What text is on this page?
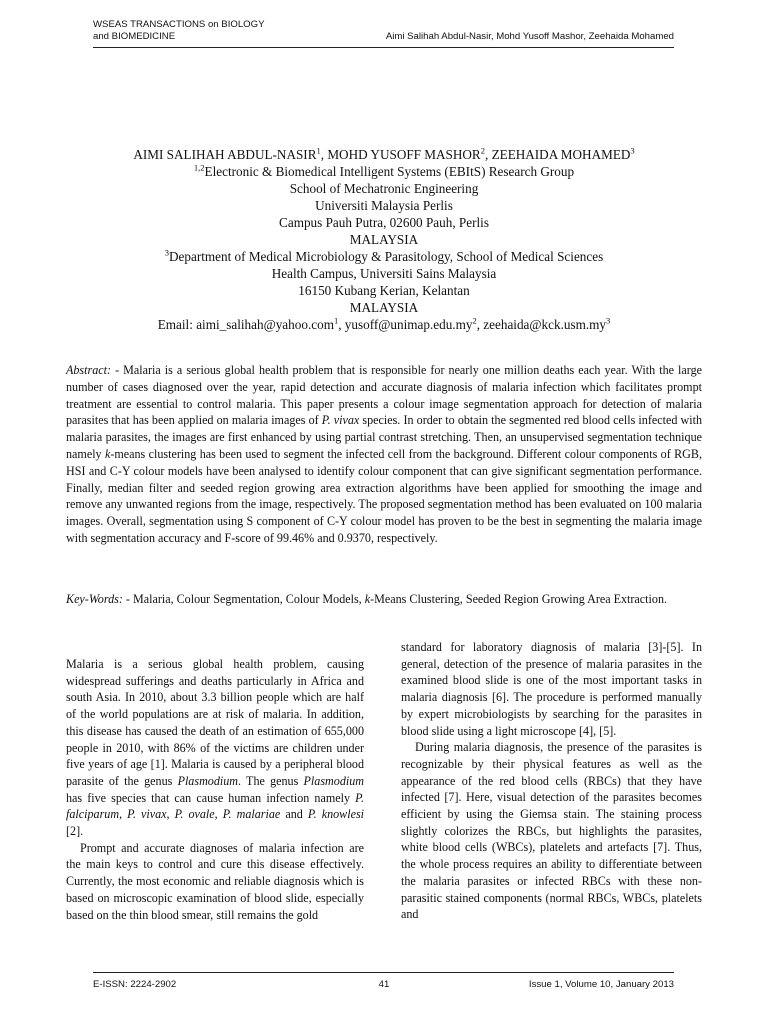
WSEAS TRANSACTIONS on BIOLOGY
and BIOMEDICINE	Aimi Salihah Abdul-Nasir, Mohd Yusoff Mashor, Zeehaida Mohamed
AIMI SALIHAH ABDUL-NASIR$^1$, MOHD YUSOFF MASHOR$^2$, ZEEHAIDA MOHAMED$^3$
$^{1,2}$Electronic & Biomedical Intelligent Systems (EBItS) Research Group
School of Mechatronic Engineering
Universiti Malaysia Perlis
Campus Pauh Putra, 02600 Pauh, Perlis
MALAYSIA
$^3$Department of Medical Microbiology & Parasitology, School of Medical Sciences
Health Campus, Universiti Sains Malaysia
16150 Kubang Kerian, Kelantan
MALAYSIA
Email: aimi_salihah@yahoo.com$^1$, $yusoff@unimap.edu.my^2$, $zeehaida@kck.usm.my^3$
Abstract: - Malaria is a serious global health problem that is responsible for nearly one million deaths each year. With the large number of cases diagnosed over the year, rapid detection and accurate diagnosis of malaria infection which facilitates prompt treatment are essential to control malaria. This paper presents a colour image segmentation approach for detection of malaria parasites that has been applied on malaria images of P. vivax species. In order to obtain the segmented red blood cells infected with malaria parasites, the images are first enhanced by using partial contrast stretching. Then, an unsupervised segmentation technique namely k-means clustering has been used to segment the infected cell from the background. Different colour components of RGB, HSI and C-Y colour models have been analysed to identify colour component that can give significant segmentation performance. Finally, median filter and seeded region growing area extraction algorithms have been applied for smoothing the image and remove any unwanted regions from the image, respectively. The proposed segmentation method has been evaluated on 100 malaria images. Overall, segmentation using S component of C-Y colour model has proven to be the best in segmenting the malaria image with segmentation accuracy and F-score of 99.46% and 0.9370, respectively.
Key-Words: - Malaria, Colour Segmentation, Colour Models, k-Means Clustering, Seeded Region Growing Area Extraction.

Malaria is a serious global health problem, causing widespread sufferings and deaths particularly in Africa and south Asia. In 2010, about 3.3 billion people which are half of the world populations are at risk of malaria. In addition, this disease has caused the death of an estimation of 655,000 people in 2010, with 86% of the victims are children under five years of age [1]. Malaria is caused by a peripheral blood parasite of the genus Plasmodium. The genus Plasmodium has five species that can cause human infection namely P. falciparum, P. vivax, P. ovale, P. malariae and P. knowlesi [2].

Prompt and accurate diagnoses of malaria infection are the main keys to control and cure this disease effectively. Currently, the most economic and reliable diagnosis which is based on microscopic examination of blood slide, especially based on the thin blood smear, still remains the gold

standard for laboratory diagnosis of malaria [3]-[5]. In general, detection of the presence of malaria parasites in the examined blood slide is one of the most important tasks in malaria diagnosis [6]. The procedure is performed manually by expert microbiologists by searching for the parasites in blood slide using a light microscope [4], [5].

During malaria diagnosis, the presence of the parasites is recognizable by their physical features as well as the appearance of the red blood cells (RBCs) that they have infected [7]. Here, visual detection of the parasites becomes efficient by using the Giemsa stain. The staining process slightly colorizes the RBCs, but highlights the parasites, white blood cells (WBCs), platelets and artefacts [7]. Thus, the whole process requires an ability to differentiate between the malaria parasites or infected RBCs with these non-parasitic stained components (normal RBCs, WBCs, platelets and

E-ISSN: 2224-2902	41	Issue 1, Volume 10, January 2013
